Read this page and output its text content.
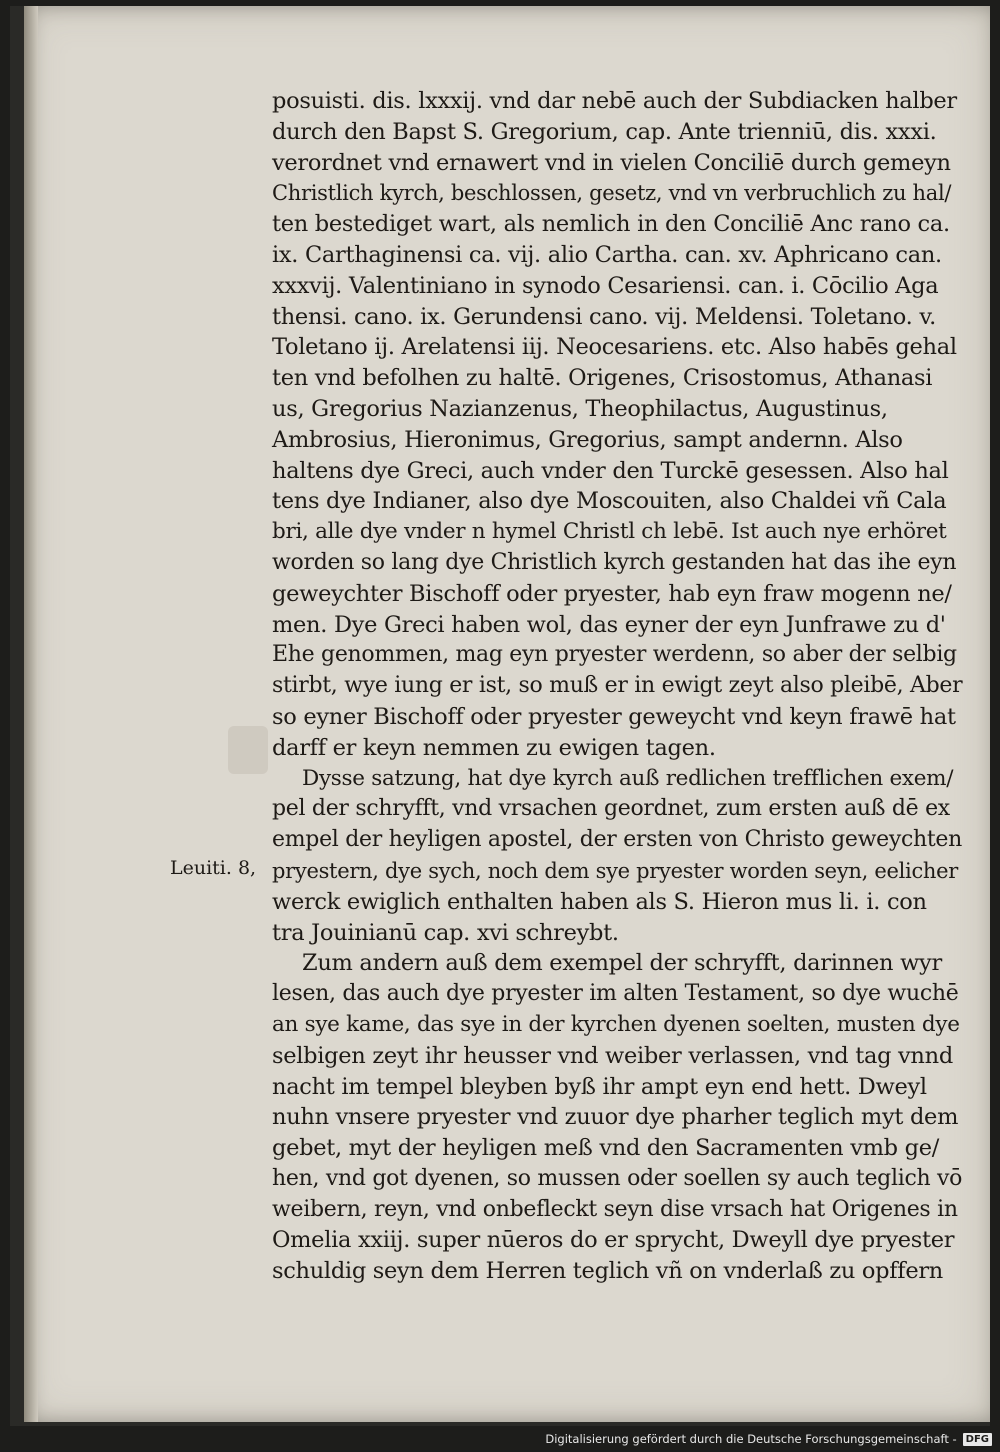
posuisti. dis. lxxxij. vnd dar nebē auch der Subdiacken halber
durch den Bapst S. Gregorium, cap. Ante trienniū, dis. xxxi.
verordnet vnd ernawert vnd in vielen Conciliē durch gemeyn
Christlich kyrch, beschlossen, gesetz, vnd vn verbruchlich zu hal/
ten bestediget wart, als nemlich in den Conciliē Anc rano ca.
ix. Carthaginensi ca. vij. alio Cartha. can. xv. Aphricano can.
xxxvij. Valentiniano in synodo Cesariensi. can. i. Cōcilio Aga
thensi. cano. ix. Gerundensi cano. vij. Meldensi. Toletano. v.
Toletano ij. Arelatensi iij. Neocesariens. etc. Also habēs gehal
ten vnd befolhen zu haltē. Origenes, Crisostomus, Athanasi
us, Gregorius Nazianzenus, Theophilactus, Augustinus,
Ambrosius, Hieronimus, Gregorius, sampt andernn. Also
haltens dye Greci, auch vnder den Turckē gesessen. Also hal
tens dye Indianer, also dye Moscouiten, also Chaldei vñ Cala
bri, alle dye vnder n hymel Christl ch lebē. Ist auch nye erhöret
worden so lang dye Christlich kyrch gestanden hat das ihe eyn
geweychter Bischoff oder pryester, hab eyn fraw mogenn ne/
men. Dye Greci haben wol, das eyner der eyn Junfrawe zu d'
Ehe genommen, mag eyn pryester werdenn, so aber der selbig
stirbt, wye iung er ist, so muß er in ewigt zeyt also pleibē, Aber
so eyner Bischoff oder pryester geweycht vnd keyn frawē hat
darff er keyn nemmen zu ewigen tagen.
Dysse satzung, hat dye kyrch auß redlichen trefflichen exem/
pel der schryfft, vnd vrsachen geordnet, zum ersten auß dē ex
empel der heyligen apostel, der ersten von Christo geweychten
pryestern, dye sych, noch dem sye pryester worden seyn, eelicher
werck ewiglich enthalten haben als S. Hieron mus li. i. con
tra Jouinianū cap. xvi schreybt.
Zum andern auß dem exempel der schryfft, darinnen wyr
lesen, das auch dye pryester im alten Testament, so dye wuchē
an sye kame, das sye in der kyrchen dyenen soelten, musten dye
selbigen zeyt ihr heusser vnd weiber verlassen, vnd tag vnnd
nacht im tempel bleyben byß ihr ampt eyn end hett. Dweyl
nuhn vnsere pryester vnd zuuor dye pharher teglich myt dem
gebet, myt der heyligen meß vnd den Sacramenten vmb ge/
hen, vnd got dyenen, so mussen oder soellen sy auch teglich vō
weibern, reyn, vnd onbefleckt seyn dise vrsach hat Origenes in
Omelia xxiij. super nūeros do er sprycht, Dweyll dye pryester
schuldig seyn dem Herren teglich vñ on vnderlaß zu opffern
Leuiti. 8,
Digitalisierung gefördert durch die Deutsche Forschungsgemeinschaft - DFG
